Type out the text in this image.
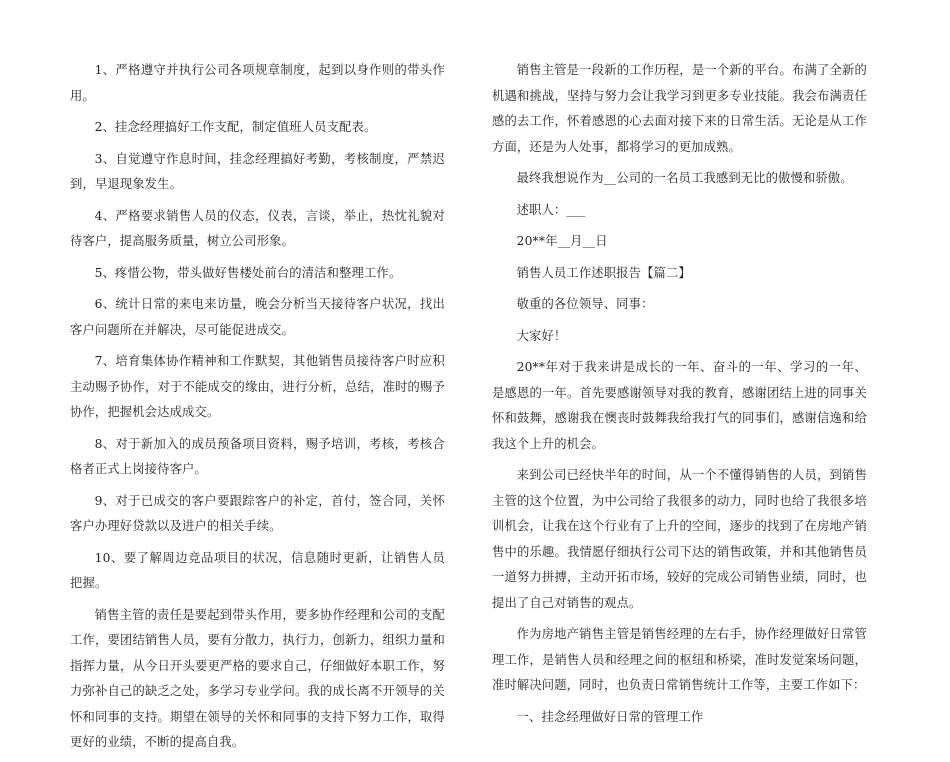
1、严格遵守并执行公司各项规章制度，起到以身作则的带头作用。

2、挂念经理搞好工作支配，制定值班人员支配表。

3、自觉遵守作息时间，挂念经理搞好考勤，考核制度，严禁迟到，早退现象发生。

4、严格要求销售人员的仪态，仪表，言谈，举止，热忱礼貌对待客户，提高服务质量，树立公司形象。

5、疼惜公物，带头做好售楼处前台的清洁和整理工作。

6、统计日常的来电来访量，晚会分析当天接待客户状况，找出客户问题所在并解决，尽可能促进成交。

7、培育集体协作精神和工作默契，其他销售员接待客户时应积主动赐予协作，对于不能成交的缘由，进行分析，总结，准时的赐予协作，把握机会达成成交。

8、对于新加入的成员预备项目资料，赐予培训，考核，考核合格者正式上岗接待客户。

9、对于已成交的客户要跟踪客户的补定，首付，签合同，关怀客户办理好贷款以及进户的相关手续。

10、要了解周边竞品项目的状况，信息随时更新，让销售人员把握。

销售主管的责任是要起到带头作用，要多协作经理和公司的支配工作，要团结销售人员，要有分散力，执行力，创新力，组织力量和指挥力量，从今日开头要更严格的要求自己，仔细做好本职工作，努力弥补自己的缺乏之处，多学习专业学问。我的成长离不开领导的关怀和同事的支持。期望在领导的关怀和同事的支持下努力工作，取得更好的业绩，不断的提高自我。

销售主管是一段新的工作历程，是一个新的平台。布满了全新的机遇和挑战，坚持与努力会让我学习到更多专业技能。我会布满责任感的去工作，怀着感恩的心去面对接下来的日常生活。无论是从工作方面，还是为人处事，都将学习的更加成熟。

最终我想说作为__公司的一名员工我感到无比的傲慢和骄傲。

述职人：___

20**年__月__日

销售人员工作述职报告【篇二】

敬重的各位领导、同事：

大家好！

20**年对于我来讲是成长的一年、奋斗的一年、学习的一年、是感恩的一年。首先要感谢领导对我的教育，感谢团结上进的同事关怀和鼓舞，感谢我在懊丧时鼓舞我给我打气的同事们，感谢信逸和给我这个上升的机会。

来到公司已经快半年的时间，从一个不懂得销售的人员，到销售主管的这个位置，为中公司给了我很多的动力，同时也给了我很多培训机会，让我在这个行业有了上升的空间，逐步的找到了在房地产销售中的乐趣。我情愿仔细执行公司下达的销售政策，并和其他销售员一道努力拼搏，主动开拓市场，较好的完成公司销售业绩，同时，也提出了自己对销售的观点。

作为房地产销售主管是销售经理的左右手，协作经理做好日常管理工作，是销售人员和经理之间的枢纽和桥梁，准时发觉案场问题，准时解决问题，同时，也负责日常销售统计工作等，主要工作如下：

一、挂念经理做好日常的管理工作
